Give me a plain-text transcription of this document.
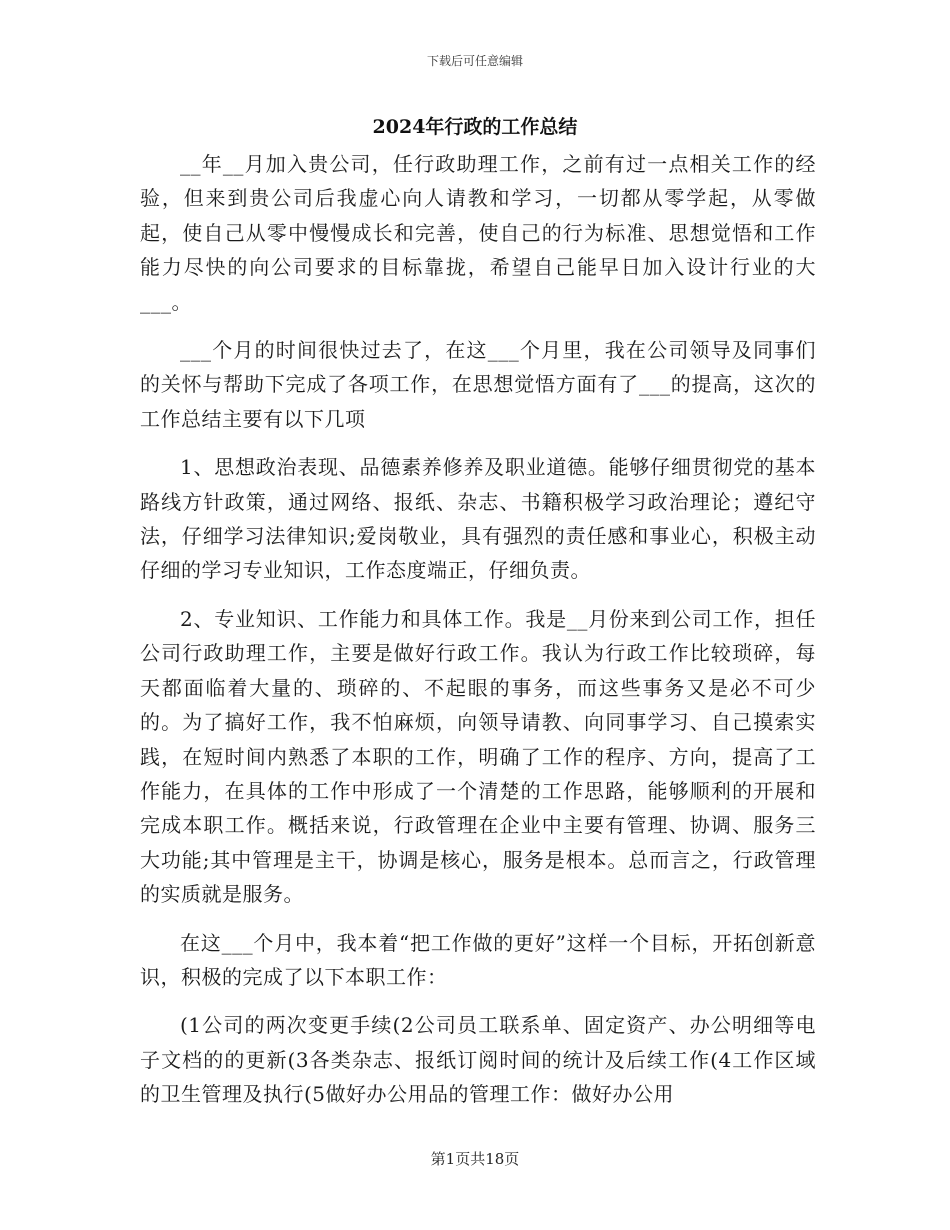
下载后可任意编辑
2024年行政的工作总结

__年__月加入贵公司，任行政助理工作，之前有过一点相关工作的经验，但来到贵公司后我虚心向人请教和学习，一切都从零学起，从零做起，使自己从零中慢慢成长和完善，使自己的行为标准、思想觉悟和工作能力尽快的向公司要求的目标靠拢，希望自己能早日加入设计行业的大___。

___个月的时间很快过去了，在这___个月里，我在公司领导及同事们的关怀与帮助下完成了各项工作，在思想觉悟方面有了___的提高，这次的工作总结主要有以下几项

1、思想政治表现、品德素养修养及职业道德。能够仔细贯彻党的基本路线方针政策，通过网络、报纸、杂志、书籍积极学习政治理论；遵纪守法，仔细学习法律知识;爱岗敬业，具有强烈的责任感和事业心，积极主动仔细的学习专业知识，工作态度端正，仔细负责。

2、专业知识、工作能力和具体工作。我是__月份来到公司工作，担任公司行政助理工作，主要是做好行政工作。我认为行政工作比较琐碎，每天都面临着大量的、琐碎的、不起眼的事务，而这些事务又是必不可少的。为了搞好工作，我不怕麻烦，向领导请教、向同事学习、自己摸索实践，在短时间内熟悉了本职的工作，明确了工作的程序、方向，提高了工作能力，在具体的工作中形成了一个清楚的工作思路，能够顺利的开展和完成本职工作。概括来说，行政管理在企业中主要有管理、协调、服务三大功能;其中管理是主干，协调是核心，服务是根本。总而言之，行政管理的实质就是服务。

在这___个月中，我本着“把工作做的更好”这样一个目标，开拓创新意识，积极的完成了以下本职工作：

(1公司的两次变更手续(2公司员工联系单、固定资产、办公明细等电子文档的的更新(3各类杂志、报纸订阅时间的统计及后续工作(4工作区域的卫生管理及执行(5做好办公用品的管理工作：做好办公用

第1页共18页
